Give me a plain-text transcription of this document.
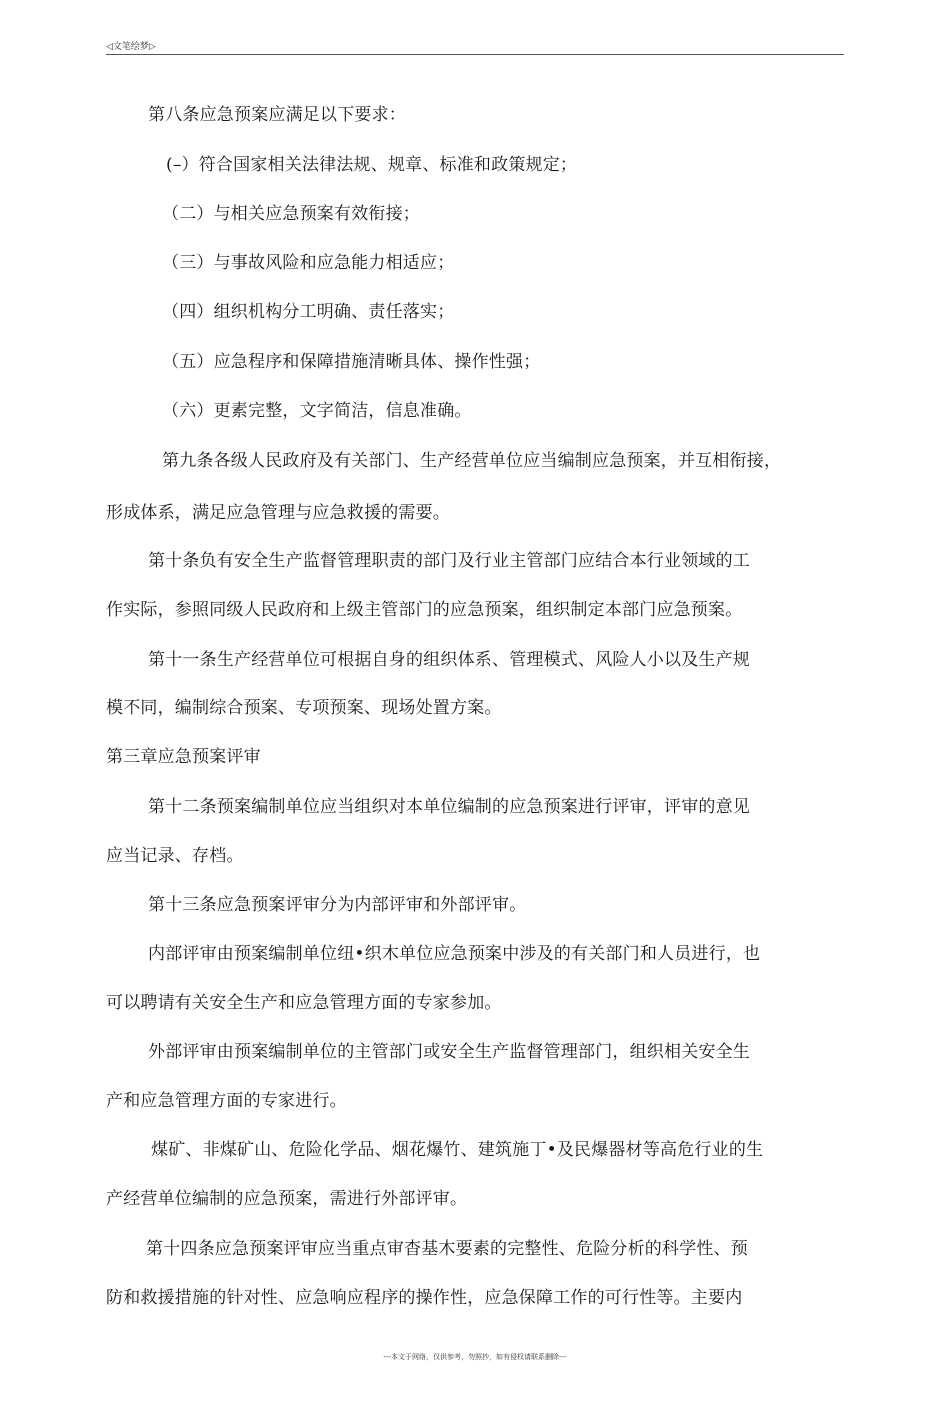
◁文笔绘梦▷
第八条应急预案应满足以下要求：
(–）符合国家相关法律法规、规章、标准和政策规定；
（二）与相关应急预案有效衔接；
（三）与事故风险和应急能力相适应；
（四）组织机构分工明确、责任落实；
（五）应急程序和保障措施清晰具体、操作性强；
（六）更素完整，文字简洁，信息准确。
第九条各级人民政府及有关部门、生产经营单位应当编制应急预案，并互相衔接，
形成体系，满足应急管理与应急救援的需要。
第十条负有安全生产监督管理职责的部门及行业主管部门应结合本行业领域的工
作实际，参照同级人民政府和上级主管部门的应急预案，组织制定本部门应急预案。
第十一条生产经营单位可根据自身的组织体系、管理模式、风险人小以及生产规
模不同，编制综合预案、专项预案、现场处置方案。
第三章应急预案评审
第十二条预案编制单位应当组织对本单位编制的应急预案进行评审，评审的意见
应当记录、存档。
第十三条应急预案评审分为内部评审和外部评审。
内部评审由预案编制单位纽•织木单位应急预案中涉及的有关部门和人员进行，也
可以聘请有关安全生产和应急管理方面的专家参加。
外部评审由预案编制单位的主管部门或安全生产监督管理部门，组织相关安全生
产和应急管理方面的专家进行。
煤矿、非煤矿山、危险化学品、烟花爆竹、建筑施丁•及民爆器材等高危行业的生
产经营单位编制的应急预案，需进行外部评审。
第十四条应急预案评审应当重点审杳基木要素的完整性、危险分析的科学性、预
防和救援措施的针对性、应急响应程序的操作性，应急保障工作的可行性等。主要内
---本文于网络，仅供参考，勿照抄，如有侵权请联系删除---
